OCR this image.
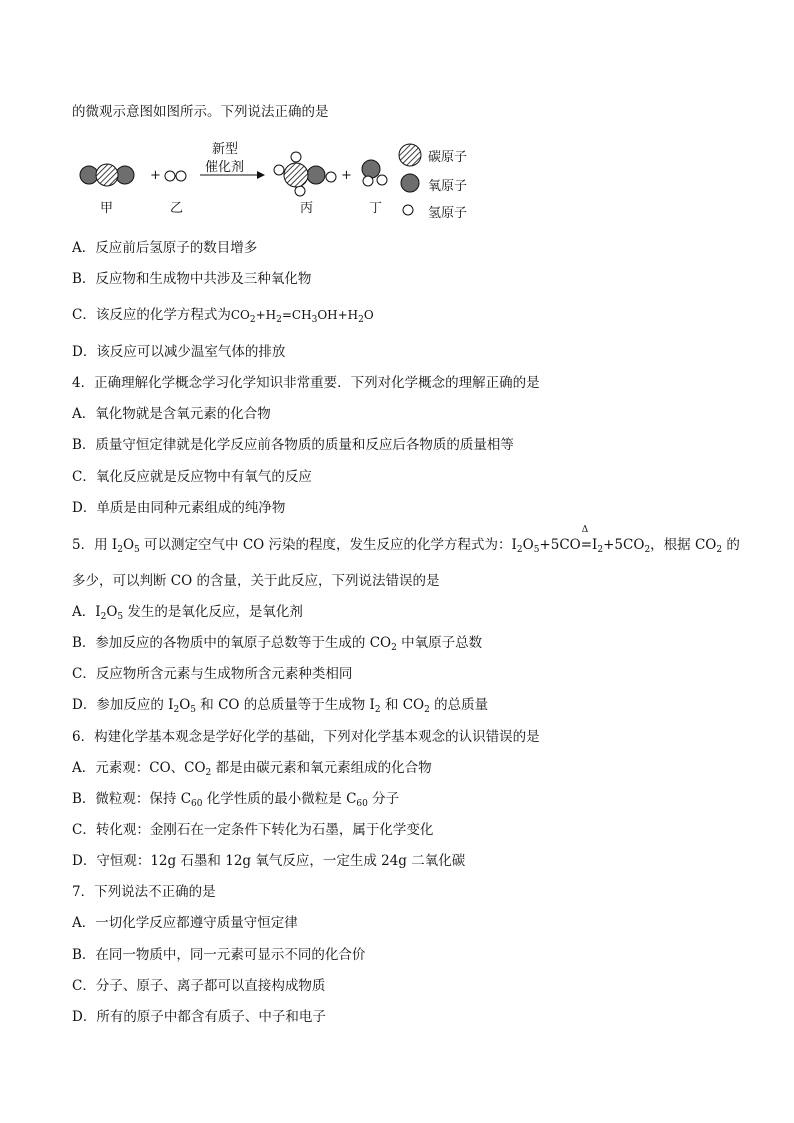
的微观示意图如图所示。下列说法正确的是
新型
催化剂
+	+
甲	乙	丙	丁
碳原子
氧原子
氢原子
A．反应前后氢原子的数目增多
B．反应物和生成物中共涉及三种氧化物
C．该反应的化学方程式为$CO_2+H_2=CH_3OH+H_2O$
D．该反应可以减少温室气体的排放
4．正确理解化学概念学习化学知识非常重要．下列对化学概念的理解正确的是
A．氧化物就是含氧元素的化合物
B．质量守恒定律就是化学反应前各物质的质量和反应后各物质的质量相等
C．氧化反应就是反应物中有氧气的反应
D．单质是由同种元素组成的纯净物
5．用 $I_2O_5$ 可以测定空气中 CO 污染的程度，发生反应的化学方程式为：$I_2O_5+5CO$
Δ
$=I_2+5CO_2$，根据 $CO_2$ 的
多少，可以判断 CO 的含量，关于此反应，下列说法错误的是
A．$I_2O_5$ 发生的是氧化反应，是氧化剂
B．参加反应的各物质中的氧原子总数等于生成的 $CO_2$ 中氧原子总数
C．反应物所含元素与生成物所含元素种类相同
D．参加反应的 $I_2O_5$ 和 CO 的总质量等于生成物 $I_2$ 和 $CO_2$ 的总质量
6．构建化学基本观念是学好化学的基础，下列对化学基本观念的认识错误的是
A．元素观：CO、$CO_2$ 都是由碳元素和氧元素组成的化合物
B．微粒观：保持 $C_{60}$ 化学性质的最小微粒是 $C_{60}$ 分子
C．转化观：金刚石在一定条件下转化为石墨，属于化学变化
D．守恒观：12g 石墨和 12g 氧气反应，一定生成 24g 二氧化碳
7．下列说法不正确的是
A．一切化学反应都遵守质量守恒定律
B．在同一物质中，同一元素可显示不同的化合价
C．分子、原子、离子都可以直接构成物质
D．所有的原子中都含有质子、中子和电子
